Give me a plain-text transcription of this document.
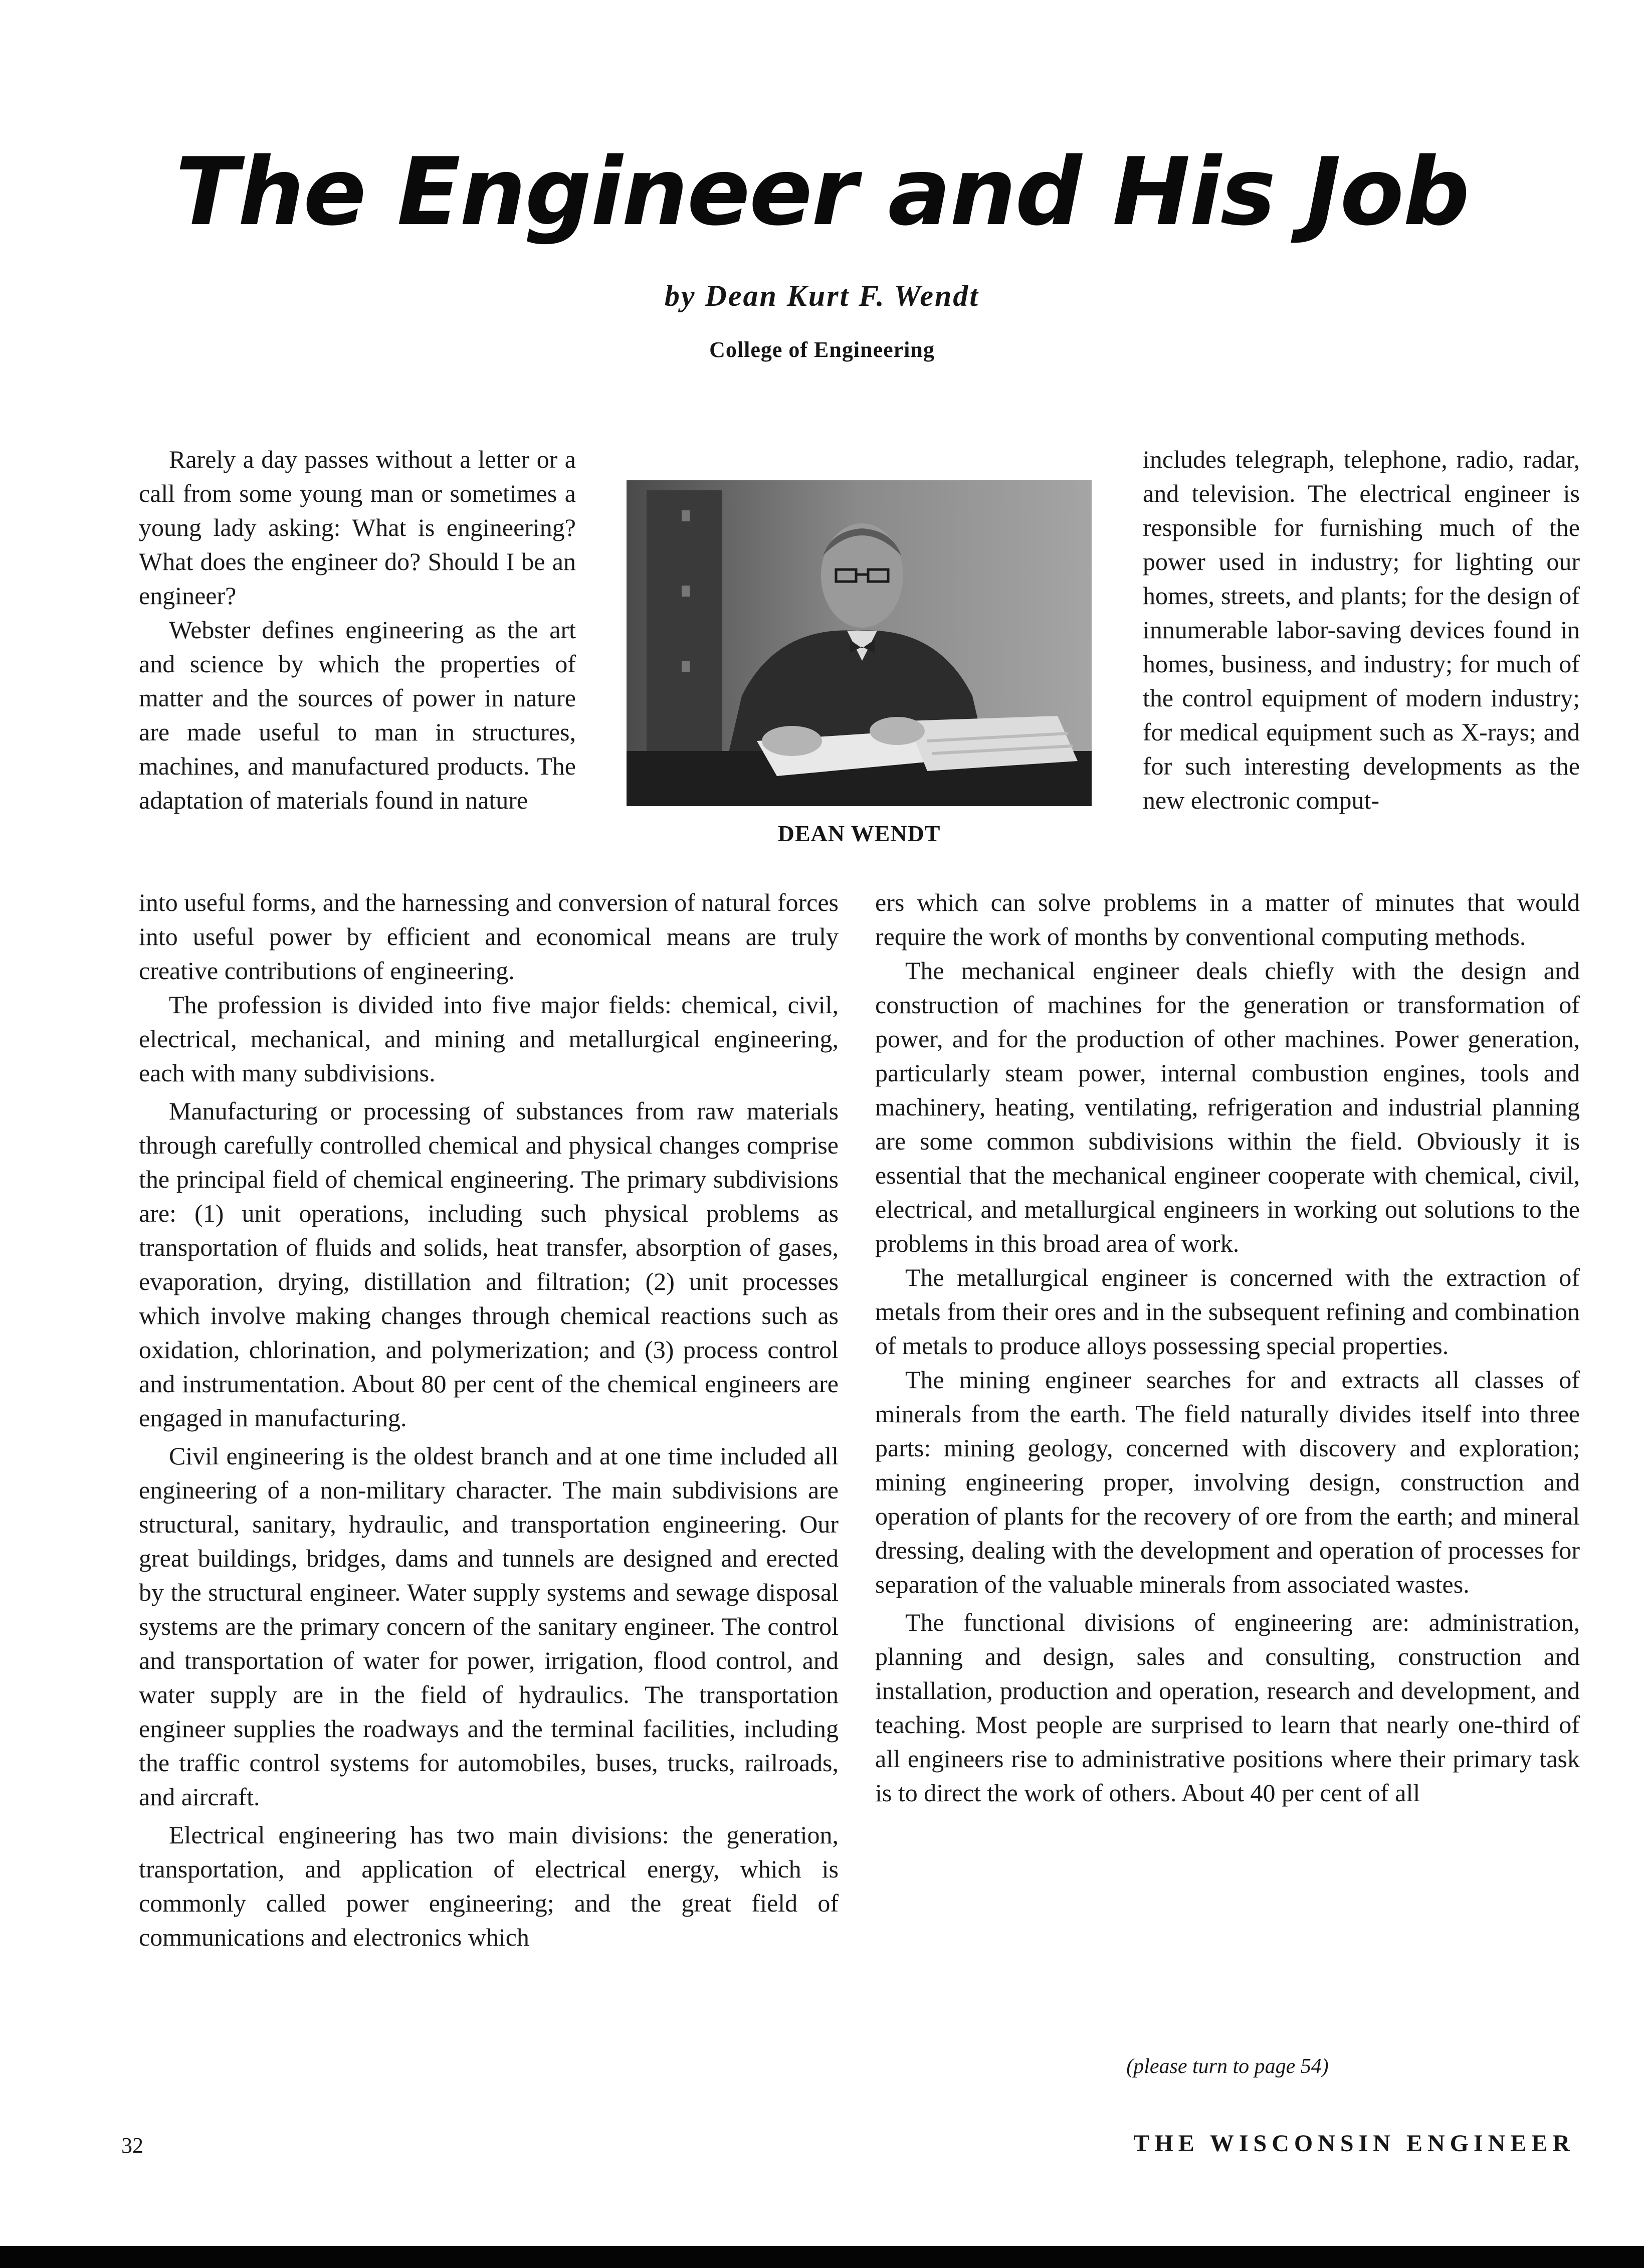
The Engineer and His Job
by Dean Kurt F. Wendt
College of Engineering

Rarely a day passes without a letter or a call from some young man or sometimes a young lady asking: What is engineering? What does the engineer do? Should I be an engineer?

Webster defines engineering as the art and science by which the properties of matter and the sources of power in nature are made useful to man in structures, machines, and manufactured products. The adaptation of materials found in nature

DEAN WENDT

includes telegraph, telephone, radio, radar, and television. The electrical engineer is responsible for furnishing much of the power used in industry; for lighting our homes, streets, and plants; for the design of innumerable labor-saving devices found in homes, business, and industry; for much of the control equipment of modern industry; for medical equipment such as X-rays; and for such interesting developments as the new electronic comput-

into useful forms, and the harnessing and conversion of natural forces into useful power by efficient and economical means are truly creative contributions of engineering.

The profession is divided into five major fields: chemical, civil, electrical, mechanical, and mining and metallurgical engineering, each with many subdivisions.

Manufacturing or processing of substances from raw materials through carefully controlled chemical and physical changes comprise the principal field of chemical engineering. The primary subdivisions are: (1) unit operations, including such physical problems as transportation of fluids and solids, heat transfer, absorption of gases, evaporation, drying, distillation and filtration; (2) unit processes which involve making changes through chemical reactions such as oxidation, chlorination, and polymerization; and (3) process control and instrumentation. About 80 per cent of the chemical engineers are engaged in manufacturing.

Civil engineering is the oldest branch and at one time included all engineering of a non-military character. The main subdivisions are structural, sanitary, hydraulic, and transportation engineering. Our great buildings, bridges, dams and tunnels are designed and erected by the structural engineer. Water supply systems and sewage disposal systems are the primary concern of the sanitary engineer. The control and transportation of water for power, irrigation, flood control, and water supply are in the field of hydraulics. The transportation engineer supplies the roadways and the terminal facilities, including the traffic control systems for automobiles, buses, trucks, railroads, and aircraft.

Electrical engineering has two main divisions: the generation, transportation, and application of electrical energy, which is commonly called power engineering; and the great field of communications and electronics which

ers which can solve problems in a matter of minutes that would require the work of months by conventional computing methods.

The mechanical engineer deals chiefly with the design and construction of machines for the generation or transformation of power, and for the production of other machines. Power generation, particularly steam power, internal combustion engines, tools and machinery, heating, ventilating, refrigeration and industrial planning are some common subdivisions within the field. Obviously it is essential that the mechanical engineer cooperate with chemical, civil, electrical, and metallurgical engineers in working out solutions to the problems in this broad area of work.

The metallurgical engineer is concerned with the extraction of metals from their ores and in the subsequent refining and combination of metals to produce alloys possessing special properties.

The mining engineer searches for and extracts all classes of minerals from the earth. The field naturally divides itself into three parts: mining geology, concerned with discovery and exploration; mining engineering proper, involving design, construction and operation of plants for the recovery of ore from the earth; and mineral dressing, dealing with the development and operation of processes for separation of the valuable minerals from associated wastes.

The functional divisions of engineering are: administration, planning and design, sales and consulting, construction and installation, production and operation, research and development, and teaching. Most people are surprised to learn that nearly one-third of all engineers rise to administrative positions where their primary task is to direct the work of others. About 40 per cent of all

(please turn to page 54)
32	THE WISCONSIN ENGINEER
